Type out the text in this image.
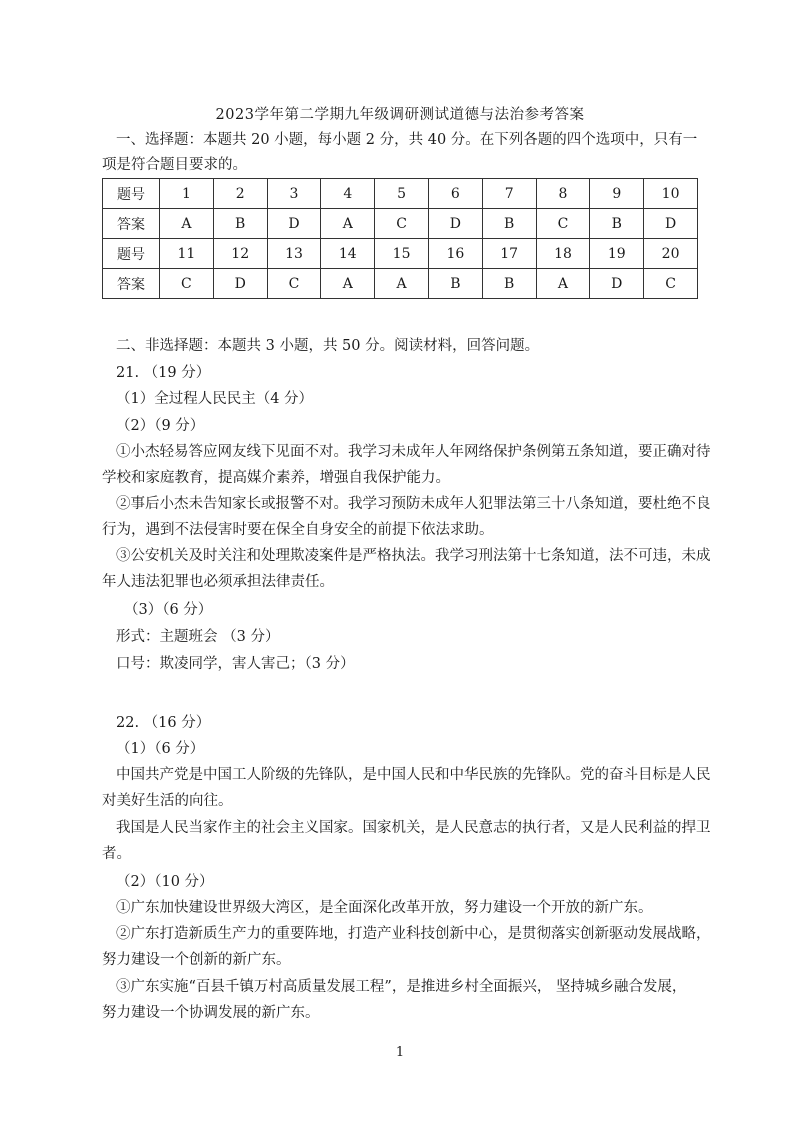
2023学年第二学期九年级调研测试道德与法治参考答案
一、选择题：本题共 20 小题，每小题 2 分，共 40 分。在下列各题的四个选项中，只有一
项是符合题目要求的。
题号	1	2	3	4	5	6	7	8	9	10
答案	A	B	D	A	C	D	B	C	B	D
题号	11	12	13	14	15	16	17	18	19	20
答案	C	D	C	A	A	B	B	A	D	C
二、非选择题：本题共 3 小题，共 50 分。阅读材料，回答问题。
21. （19 分）
（1）全过程人民民主（4 分）
（2）（9 分）
①小杰轻易答应网友线下见面不对。我学习未成年人年网络保护条例第五条知道，要正确对待
学校和家庭教育，提高媒介素养，增强自我保护能力。
②事后小杰未告知家长或报警不对。我学习预防未成年人犯罪法第三十八条知道，要杜绝不良
行为，遇到不法侵害时要在保全自身安全的前提下依法求助。
③公安机关及时关注和处理欺凌案件是严格执法。我学习刑法第十七条知道，法不可违，未成
年人违法犯罪也必须承担法律责任。
（3）（6 分）
形式：主题班会 （3 分）
口号：欺凌同学，害人害己；（3 分）
22. （16 分）
（1）（6 分）
中国共产党是中国工人阶级的先锋队，是中国人民和中华民族的先锋队。党的奋斗目标是人民
对美好生活的向往。
我国是人民当家作主的社会主义国家。国家机关，是人民意志的执行者，又是人民利益的捍卫
者。
（2）（10 分）
①广东加快建设世界级大湾区，是全面深化改革开放，努力建设一个开放的新广东。
②广东打造新质生产力的重要阵地，打造产业科技创新中心，是贯彻落实创新驱动发展战略，
努力建设一个创新的新广东。
③广东实施“百县千镇万村高质量发展工程”，是推进乡村全面振兴， 坚持城乡融合发展，
努力建设一个协调发展的新广东。
1
